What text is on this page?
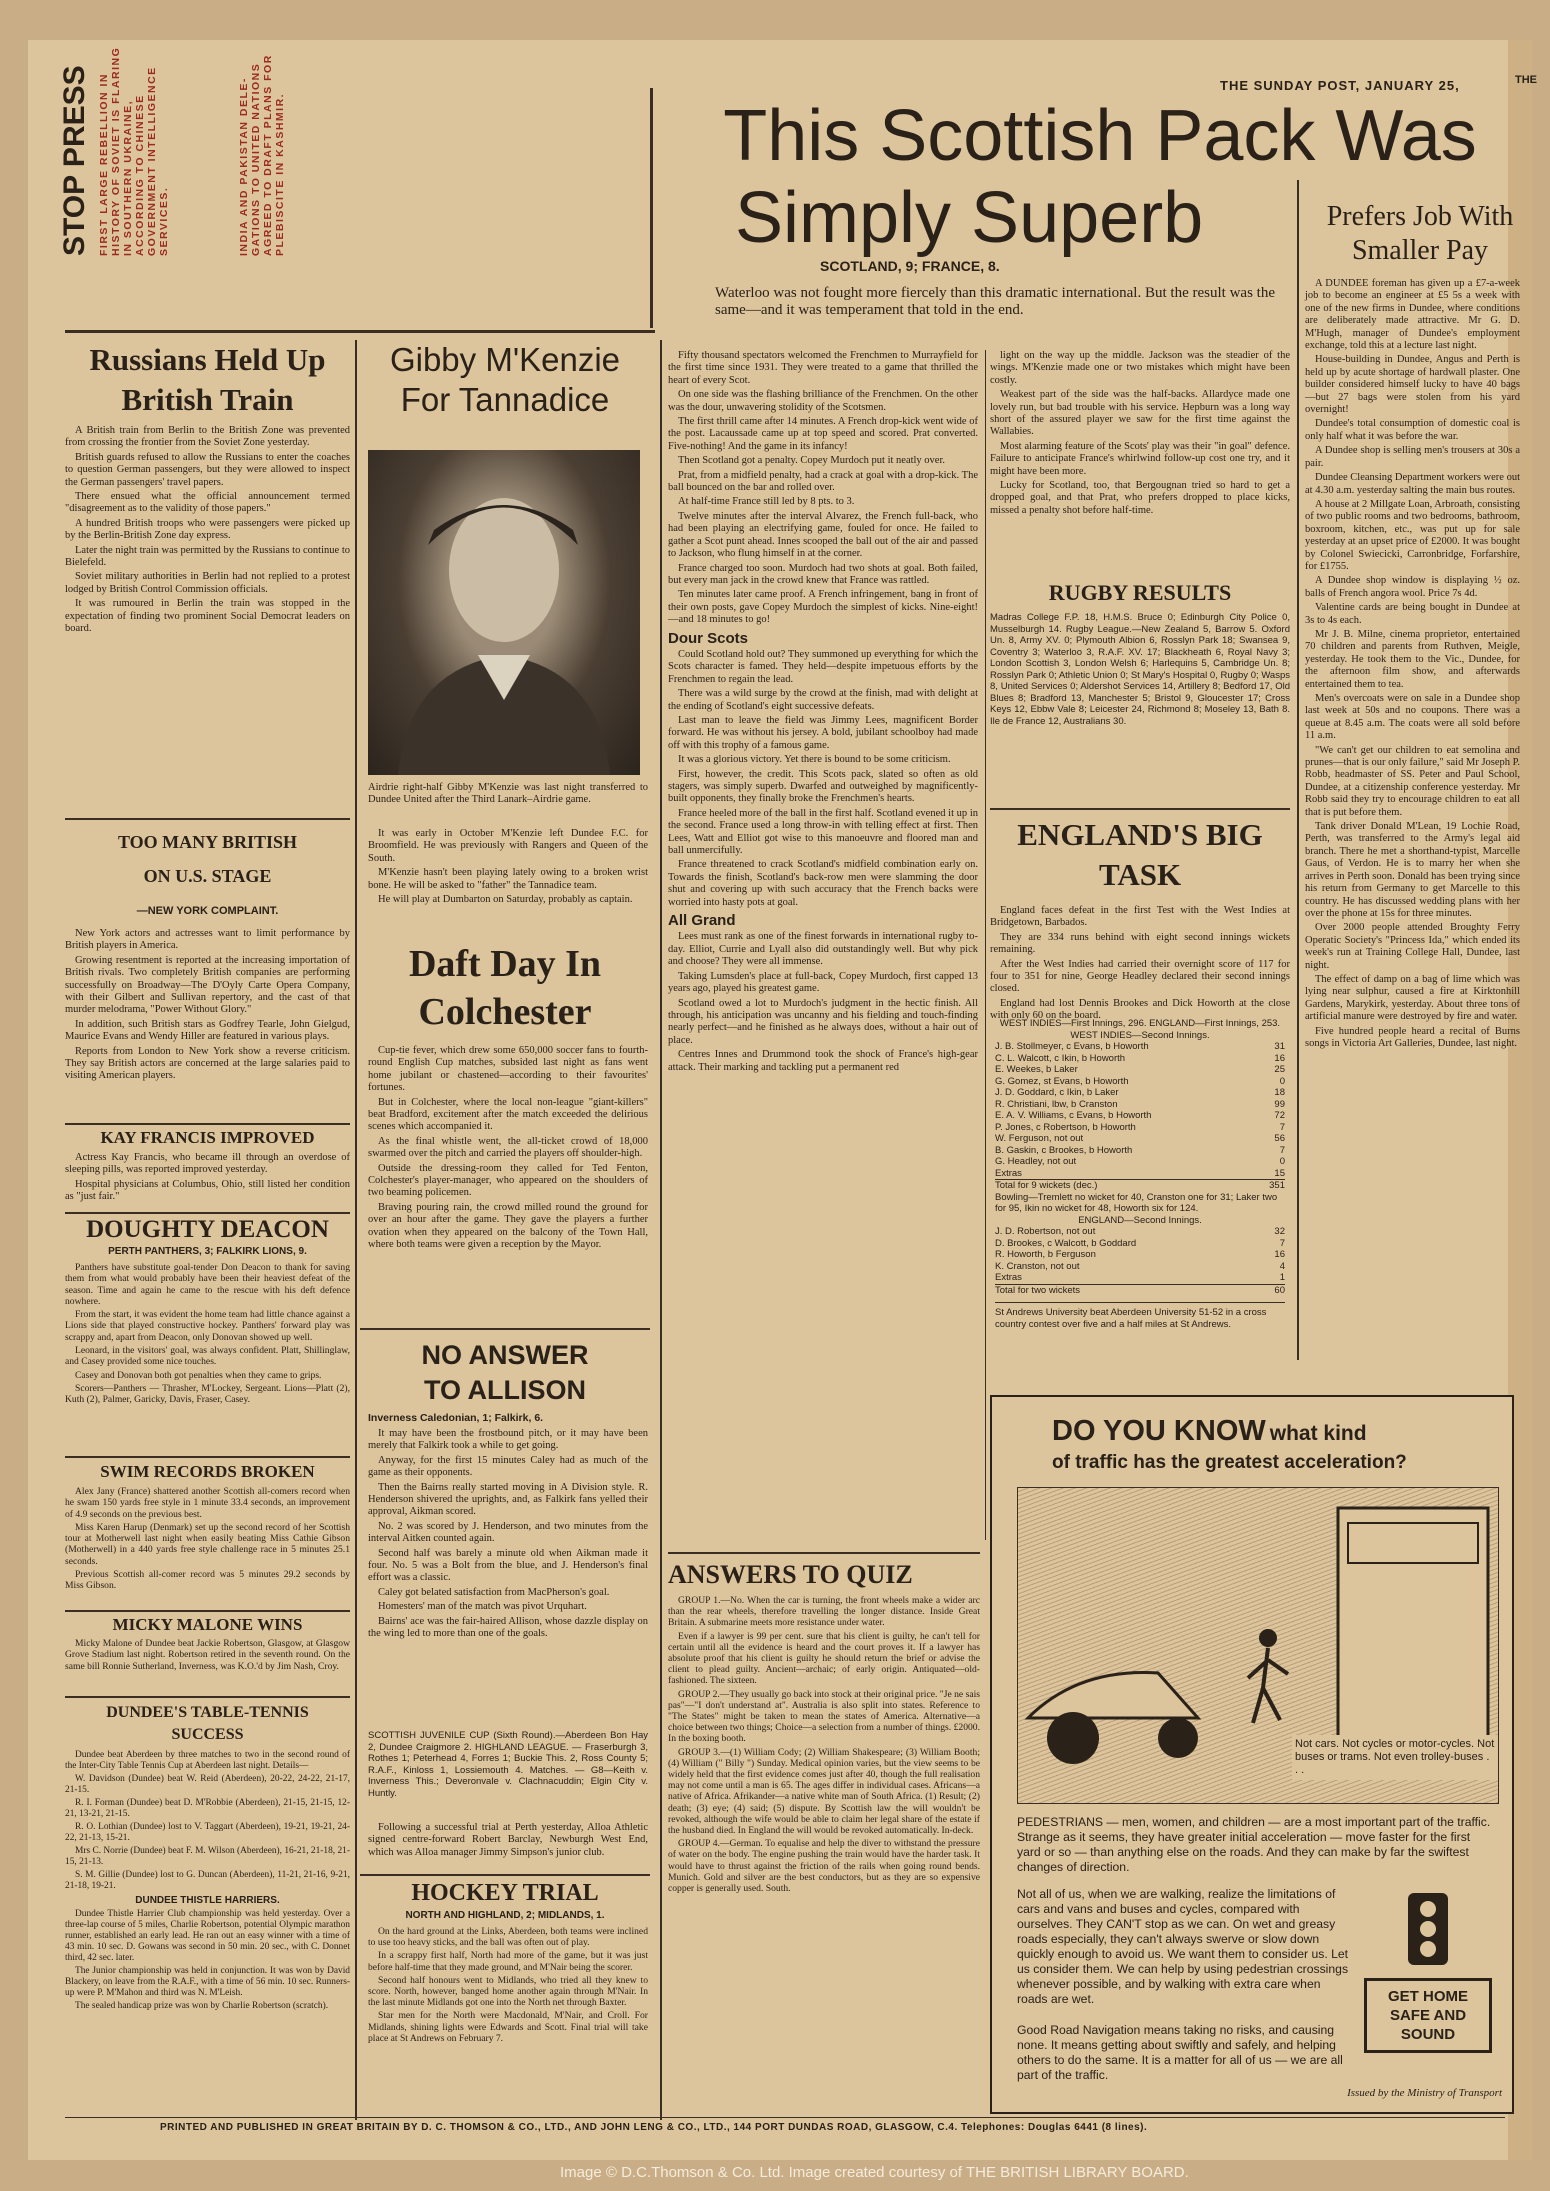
THE SUNDAY POST, JANUARY 25,	THE
STOP PRESS FIRST LARGE REBELLION IN HISTORY OF SOVIET IS FLARING IN SOUTHERN UKRAINE, ACCORDING TO CHINESE GOVERNMENT INTELLIGENCE SERVICES.	INDIA AND PAKISTAN DELE- GATIONS TO UNITED NATIONS AGREED TO DRAFT PLANS FOR PLEBISCITE IN KASHMIR.	This Scottish Pack Was
Simply Superb
SCOTLAND, 9; FRANCE, 8.
Waterloo was not fought more fiercely than this dramatic international. But the result was the same—and it was temperament that told in the end.

Fifty thousand spectators welcomed the Frenchmen to Murrayfield for the first time since 1931. They were treated to a game that thrilled the heart of every Scot.

On one side was the flashing brilliance of the Frenchmen. On the other was the dour, unwavering stolidity of the Scotsmen.

The first thrill came after 14 minutes. A French drop-kick went wide of the post. Lacaussade came up at top speed and scored. Prat converted. Five-nothing! And the game in its infancy!

Then Scotland got a penalty. Copey Murdoch put it neatly over.

Prat, from a midfield penalty, had a crack at goal with a drop-kick. The ball bounced on the bar and rolled over.

At half-time France still led by 8 pts. to 3.

Twelve minutes after the interval Alvarez, the French full-back, who had been playing an electrifying game, fouled for once. He failed to gather a Scot punt ahead. Innes scooped the ball out of the air and passed to Jackson, who flung himself in at the corner.

France charged too soon. Murdoch had two shots at goal. Both failed, but every man jack in the crowd knew that France was rattled.

Ten minutes later came proof. A French infringement, bang in front of their own posts, gave Copey Murdoch the simplest of kicks. Nine-eight!—and 18 minutes to go!

Dour Scots

Could Scotland hold out? They summoned up everything for which the Scots character is famed. They held—despite impetuous efforts by the Frenchmen to regain the lead.

There was a wild surge by the crowd at the finish, mad with delight at the ending of Scotland's eight successive defeats.

Last man to leave the field was Jimmy Lees, magnificent Border forward. He was without his jersey. A bold, jubilant schoolboy had made off with this trophy of a famous game.

It was a glorious victory. Yet there is bound to be some criticism.

First, however, the credit. This Scots pack, slated so often as old stagers, was simply superb. Dwarfed and outweighed by magnificently-built opponents, they finally broke the Frenchmen's hearts.

France heeled more of the ball in the first half. Scotland evened it up in the second. France used a long throw-in with telling effect at first. Then Lees, Watt and Elliot got wise to this manoeuvre and floored man and ball unmercifully.

France threatened to crack Scotland's midfield combination early on. Towards the finish, Scotland's back-row men were slamming the door shut and covering up with such accuracy that the French backs were worried into hasty pots at goal.

All Grand

Lees must rank as one of the finest forwards in international rugby to-day. Elliot, Currie and Lyall also did outstandingly well. But why pick and choose? They were all immense.

Taking Lumsden's place at full-back, Copey Murdoch, first capped 13 years ago, played his greatest game.

Scotland owed a lot to Murdoch's judgment in the hectic finish. All through, his anticipation was uncanny and his fielding and touch-finding nearly perfect—and he finished as he always does, without a hair out of place.

Centres Innes and Drummond took the shock of France's high-gear attack. Their marking and tackling put a permanent red

light on the way up the middle. Jackson was the steadier of the wings. M'Kenzie made one or two mistakes which might have been costly.

Weakest part of the side was the half-backs. Allardyce made one lovely run, but bad trouble with his service. Hepburn was a long way short of the assured player we saw for the first time against the Wallabies.

Most alarming feature of the Scots' play was their "in goal" defence. Failure to anticipate France's whirlwind follow-up cost one try, and it might have been more.

Lucky for Scotland, too, that Bergougnan tried so hard to get a dropped goal, and that Prat, who prefers dropped to place kicks, missed a penalty shot before half-time.

RUGBY RESULTS
Madras College F.P. 18, H.M.S. Bruce 0; Edinburgh City Police 0, Musselburgh 14. Rugby League.—New Zealand 5, Barrow 5. Oxford Un. 8, Army XV. 0; Plymouth Albion 6, Rosslyn Park 18; Swansea 9, Coventry 3; Waterloo 3, R.A.F. XV. 17; Blackheath 6, Royal Navy 3; London Scottish 3, London Welsh 6; Harlequins 5, Cambridge Un. 8; Rosslyn Park 0; Athletic Union 0; St Mary's Hospital 0, Rugby 0; Wasps 8, United Services 0; Aldershot Services 14, Artillery 8; Bedford 17, Old Blues 8; Bradford 13, Manchester 5; Bristol 9, Gloucester 17; Cross Keys 12, Ebbw Vale 8; Leicester 24, Richmond 8; Moseley 13, Bath 8. Ile de France 12, Australians 30.
ENGLAND'S BIG
TASK

England faces defeat in the first Test with the West Indies at Bridgetown, Barbados.

They are 334 runs behind with eight second innings wickets remaining.

After the West Indies had carried their overnight score of 117 for four to 351 for nine, George Headley declared their second innings closed.

England had lost Dennis Brookes and Dick Howorth at the close with only 60 on the board.

WEST INDIES—First Innings, 296. ENGLAND—First Innings, 253. WEST INDIES—Second Innings.
J. B. Stollmeyer, c Evans, b Howorth	31
C. L. Walcott, c Ikin, b Howorth	16
E. Weekes, b Laker	25
G. Gomez, st Evans, b Howorth	0
J. D. Goddard, c Ikin, b Laker	18
R. Christiani, lbw, b Cranston	99
E. A. V. Williams, c Evans, b Howorth	72
P. Jones, c Robertson, b Howorth	7
W. Ferguson, not out	56
B. Gaskin, c Brookes, b Howorth	7
G. Headley, not out	0
Extras	15
Total for 9 wickets (dec.)	351
Bowling—Tremlett no wicket for 40, Cranston one for 31; Laker two for 95, Ikin no wicket for 48, Howorth six for 124.
ENGLAND—Second Innings.
J. D. Robertson, not out	32
D. Brookes, c Walcott, b Goddard	7
R. Howorth, b Ferguson	16
K. Cranston, not out	4
Extras	1
Total for two wickets	60
St Andrews University beat Aberdeen University 51-52 in a cross country contest over five and a half miles at St Andrews.
ANSWERS TO QUIZ

GROUP 1.—No. When the car is turning, the front wheels make a wider arc than the rear wheels, therefore travelling the longer distance. Inside Great Britain. A submarine meets more resistance under water.

Even if a lawyer is 99 per cent. sure that his client is guilty, he can't tell for certain until all the evidence is heard and the court proves it. If a lawyer has absolute proof that his client is guilty he should return the brief or advise the client to plead guilty. Ancient—archaic; of early origin. Antiquated—old-fashioned. The sixteen.

GROUP 2.—They usually go back into stock at their original price. "Je ne sais pas"—"I don't understand at". Australia is also split into states. Reference to "The States" might be taken to mean the states of America. Alternative—a choice between two things; Choice—a selection from a number of things. £2000. In the boxing booth.

GROUP 3.—(1) William Cody; (2) William Shakespeare; (3) William Booth; (4) William (" Billy ") Sunday. Medical opinion varies, but the view seems to be widely held that the first evidence comes just after 40, though the full realisation may not come until a man is 65. The ages differ in individual cases. Africans—a native of Africa. Afrikander—a native white man of South Africa. (1) Result; (2) death; (3) eye; (4) said; (5) dispute. By Scottish law the will wouldn't be revoked, although the wife would be able to claim her legal share of the estate if the husband died. In England the will would be revoked automatically. In-deck.

GROUP 4.—German. To equalise and help the diver to withstand the pressure of water on the body. The engine pushing the train would have the harder task. It would have to thrust against the friction of the rails when going round bends. Munich. Gold and silver are the best conductors, but as they are so expensive copper is generally used. South.

Prefers Job With
Smaller Pay

A DUNDEE foreman has given up a £7-a-week job to become an engineer at £5 5s a week with one of the new firms in Dundee, where conditions are deliberately made attractive. Mr G. D. M'Hugh, manager of Dundee's employment exchange, told this at a lecture last night.

House-building in Dundee, Angus and Perth is held up by acute shortage of hardwall plaster. One builder considered himself lucky to have 40 bags—but 27 bags were stolen from his yard overnight!

Dundee's total consumption of domestic coal is only half what it was before the war.

A Dundee shop is selling men's trousers at 30s a pair.

Dundee Cleansing Department workers were out at 4.30 a.m. yesterday salting the main bus routes.

A house at 2 Millgate Loan, Arbroath, consisting of two public rooms and two bedrooms, bathroom, boxroom, kitchen, etc., was put up for sale yesterday at an upset price of £2000. It was bought by Colonel Swiecicki, Carronbridge, Forfarshire, for £1755.

A Dundee shop window is displaying ½ oz. balls of French angora wool. Price 7s 4d.

Valentine cards are being bought in Dundee at 3s to 4s each.

Mr J. B. Milne, cinema proprietor, entertained 70 children and parents from Ruthven, Meigle, yesterday. He took them to the Vic., Dundee, for the afternoon film show, and afterwards entertained them to tea.

Men's overcoats were on sale in a Dundee shop last week at 50s and no coupons. There was a queue at 8.45 a.m. The coats were all sold before 11 a.m.

"We can't get our children to eat semolina and prunes—that is our only failure," said Mr Joseph P. Robb, headmaster of SS. Peter and Paul School, Dundee, at a citizenship conference yesterday. Mr Robb said they try to encourage children to eat all that is put before them.

Tank driver Donald M'Lean, 19 Lochie Road, Perth, was transferred to the Army's legal aid branch. There he met a shorthand-typist, Marcelle Gaus, of Verdon. He is to marry her when she arrives in Perth soon. Donald has been trying since his return from Germany to get Marcelle to this country. He has discussed wedding plans with her over the phone at 15s for three minutes.

Over 2000 people attended Broughty Ferry Operatic Society's "Princess Ida," which ended its week's run at Training College Hall, Dundee, last night.

The effect of damp on a bag of lime which was lying near sulphur, caused a fire at Kirktonhill Gardens, Marykirk, yesterday. About three tons of artificial manure were destroyed by fire and water.

Five hundred people heard a recital of Burns songs in Victoria Art Galleries, Dundee, last night.

Russians Held Up
British Train

A British train from Berlin to the British Zone was prevented from crossing the frontier from the Soviet Zone yesterday.

British guards refused to allow the Russians to enter the coaches to question German passengers, but they were allowed to inspect the German passengers' travel papers.

There ensued what the official announcement termed "disagreement as to the validity of those papers."

A hundred British troops who were passengers were picked up by the Berlin-British Zone day express.

Later the night train was permitted by the Russians to continue to Bielefeld.

Soviet military authorities in Berlin had not replied to a protest lodged by British Control Commission officials.

It was rumoured in Berlin the train was stopped in the expectation of finding two prominent Social Democrat leaders on board.

TOO MANY BRITISH
ON U.S. STAGE
—NEW YORK COMPLAINT.

New York actors and actresses want to limit performance by British players in America.

Growing resentment is reported at the increasing importation of British rivals. Two completely British companies are performing successfully on Broadway—The D'Oyly Carte Opera Company, with their Gilbert and Sullivan repertory, and the cast of that murder melodrama, "Power Without Glory."

In addition, such British stars as Godfrey Tearle, John Gielgud, Maurice Evans and Wendy Hiller are featured in various plays.

Reports from London to New York show a reverse criticism. They say British actors are concerned at the large salaries paid to visiting American players.

KAY FRANCIS IMPROVED

Actress Kay Francis, who became ill through an overdose of sleeping pills, was reported improved yesterday.

Hospital physicians at Columbus, Ohio, still listed her condition as "just fair."

DOUGHTY DEACON
PERTH PANTHERS, 3; FALKIRK LIONS, 9.

Panthers have substitute goal-tender Don Deacon to thank for saving them from what would probably have been their heaviest defeat of the season. Time and again he came to the rescue with his deft defence nowhere.

From the start, it was evident the home team had little chance against a Lions side that played constructive hockey. Panthers' forward play was scrappy and, apart from Deacon, only Donovan showed up well.

Leonard, in the visitors' goal, was always confident. Platt, Shillinglaw, and Casey provided some nice touches.

Casey and Donovan both got penalties when they came to grips.

Scorers—Panthers — Thrasher, M'Lockey, Sergeant. Lions—Platt (2), Kuth (2), Palmer, Garicky, Davis, Fraser, Casey.

SWIM RECORDS BROKEN

Alex Jany (France) shattered another Scottish all-comers record when he swam 150 yards free style in 1 minute 33.4 seconds, an improvement of 4.9 seconds on the previous best.

Miss Karen Harup (Denmark) set up the second record of her Scottish tour at Motherwell last night when easily beating Miss Cathie Gibson (Motherwell) in a 440 yards free style challenge race in 5 minutes 25.1 seconds.

Previous Scottish all-comer record was 5 minutes 29.2 seconds by Miss Gibson.

MICKY MALONE WINS

Micky Malone of Dundee beat Jackie Robertson, Glasgow, at Glasgow Grove Stadium last night. Robertson retired in the seventh round. On the same bill Ronnie Sutherland, Inverness, was K.O.'d by Jim Nash, Croy.

DUNDEE'S TABLE-TENNIS
SUCCESS

Dundee beat Aberdeen by three matches to two in the second round of the Inter-City Table Tennis Cup at Aberdeen last night. Details—

W. Davidson (Dundee) beat W. Reid (Aberdeen), 20-22, 24-22, 21-17, 21-15.

R. I. Forman (Dundee) beat D. M'Robbie (Aberdeen), 21-15, 21-15, 12-21, 13-21, 21-15.

R. O. Lothian (Dundee) lost to V. Taggart (Aberdeen), 19-21, 19-21, 24-22, 21-13, 15-21.

Mrs C. Norrie (Dundee) beat F. M. Wilson (Aberdeen), 16-21, 21-18, 21-15, 21-13.

S. M. Gillie (Dundee) lost to G. Duncan (Aberdeen), 11-21, 21-16, 9-21, 21-18, 19-21.

DUNDEE THISTLE HARRIERS.

Dundee Thistle Harrier Club championship was held yesterday. Over a three-lap course of 5 miles, Charlie Robertson, potential Olympic marathon runner, established an early lead. He ran out an easy winner with a time of 43 min. 10 sec. D. Gowans was second in 50 min. 20 sec., with C. Donnet third, 42 sec. later.

The Junior championship was held in conjunction. It was won by David Blackery, on leave from the R.A.F., with a time of 56 min. 10 sec. Runners-up were P. M'Mahon and third was N. M'Leish.

The sealed handicap prize was won by Charlie Robertson (scratch).

Gibby M'Kenzie
For Tannadice
Airdrie right-half Gibby M'Kenzie was last night transferred to Dundee United after the Third Lanark–Airdrie game.

It was early in October M'Kenzie left Dundee F.C. for Broomfield. He was previously with Rangers and Queen of the South.

M'Kenzie hasn't been playing lately owing to a broken wrist bone. He will be asked to "father" the Tannadice team.

He will play at Dumbarton on Saturday, probably as captain.

Daft Day In
Colchester

Cup-tie fever, which drew some 650,000 soccer fans to fourth-round English Cup matches, subsided last night as fans went home jubilant or chastened—according to their favourites' fortunes.

But in Colchester, where the local non-league "giant-killers" beat Bradford, excitement after the match exceeded the delirious scenes which accompanied it.

As the final whistle went, the all-ticket crowd of 18,000 swarmed over the pitch and carried the players off shoulder-high.

Outside the dressing-room they called for Ted Fenton, Colchester's player-manager, who appeared on the shoulders of two beaming policemen.

Braving pouring rain, the crowd milled round the ground for over an hour after the game. They gave the players a further ovation when they appeared on the balcony of the Town Hall, where both teams were given a reception by the Mayor.

NO ANSWER
TO ALLISON
Inverness Caledonian, 1; Falkirk, 6.

It may have been the frostbound pitch, or it may have been merely that Falkirk took a while to get going.

Anyway, for the first 15 minutes Caley had as much of the game as their opponents.

Then the Bairns really started moving in A Division style. R. Henderson shivered the uprights, and, as Falkirk fans yelled their approval, Aikman scored.

No. 2 was scored by J. Henderson, and two minutes from the interval Aitken counted again.

Second half was barely a minute old when Aikman made it four. No. 5 was a Bolt from the blue, and J. Henderson's final effort was a classic.

Caley got belated satisfaction from MacPherson's goal.

Homesters' man of the match was pivot Urquhart.

Bairns' ace was the fair-haired Allison, whose dazzle display on the wing led to more than one of the goals.

SCOTTISH JUVENILE CUP (Sixth Round).—Aberdeen Bon Hay 2, Dundee Craigmore 2. HIGHLAND LEAGUE. — Fraserburgh 3, Rothes 1; Peterhead 4, Forres 1; Buckie This. 2, Ross County 5; R.A.F., Kinloss 1, Lossiemouth 4. Matches. — G8—Keith v. Inverness This.; Deveronvale v. Clachnacuddin; Elgin City v. Huntly.

Following a successful trial at Perth yesterday, Alloa Athletic signed centre-forward Robert Barclay, Newburgh West End, which was Alloa manager Jimmy Simpson's junior club.

HOCKEY TRIAL
NORTH AND HIGHLAND, 2; MIDLANDS, 1.

On the hard ground at the Links, Aberdeen, both teams were inclined to use too heavy sticks, and the ball was often out of play.

In a scrappy first half, North had more of the game, but it was just before half-time that they made ground, and M'Nair being the scorer.

Second half honours went to Midlands, who tried all they knew to score. North, however, banged home another again through M'Nair. In the last minute Midlands got one into the North net through Baxter.

Star men for the North were Macdonald, M'Nair, and Croll. For Midlands, shining lights were Edwards and Scott. Final trial will take place at St Andrews on February 7.

DO YOU KNOW what kind
of traffic has the greatest acceleration?
Not cars. Not cycles or motor-cycles. Not buses or trams. Not even trolley-buses . . .
PEDESTRIANS — men, women, and children — are a most important part of the traffic. Strange as it seems, they have greater initial acceleration — move faster for the first yard or so — than anything else on the roads. And they can make by far the swiftest changes of direction.
Not all of us, when we are walking, realize the limitations of cars and vans and buses and cycles, compared with ourselves. They CAN'T stop as we can. On wet and greasy roads especially, they can't always swerve or slow down quickly enough to avoid us. We want them to consider us. Let us consider them. We can help by using pedestrian crossings whenever possible, and by walking with extra care when roads are wet.
Good Road Navigation means taking no risks, and causing none. It means getting about swiftly and safely, and helping others to do the same. It is a matter for all of us — we are all part of the traffic.
GET HOME
SAFE AND
SOUND
Issued by the Ministry of Transport
PRINTED AND PUBLISHED IN GREAT BRITAIN BY D. C. THOMSON & CO., LTD., AND JOHN LENG & CO., LTD., 144 PORT DUNDAS ROAD, GLASGOW, C.4. Telephones: Douglas 6441 (8 lines).
Image © D.C.Thomson & Co. Ltd. Image created courtesy of THE BRITISH LIBRARY BOARD.
